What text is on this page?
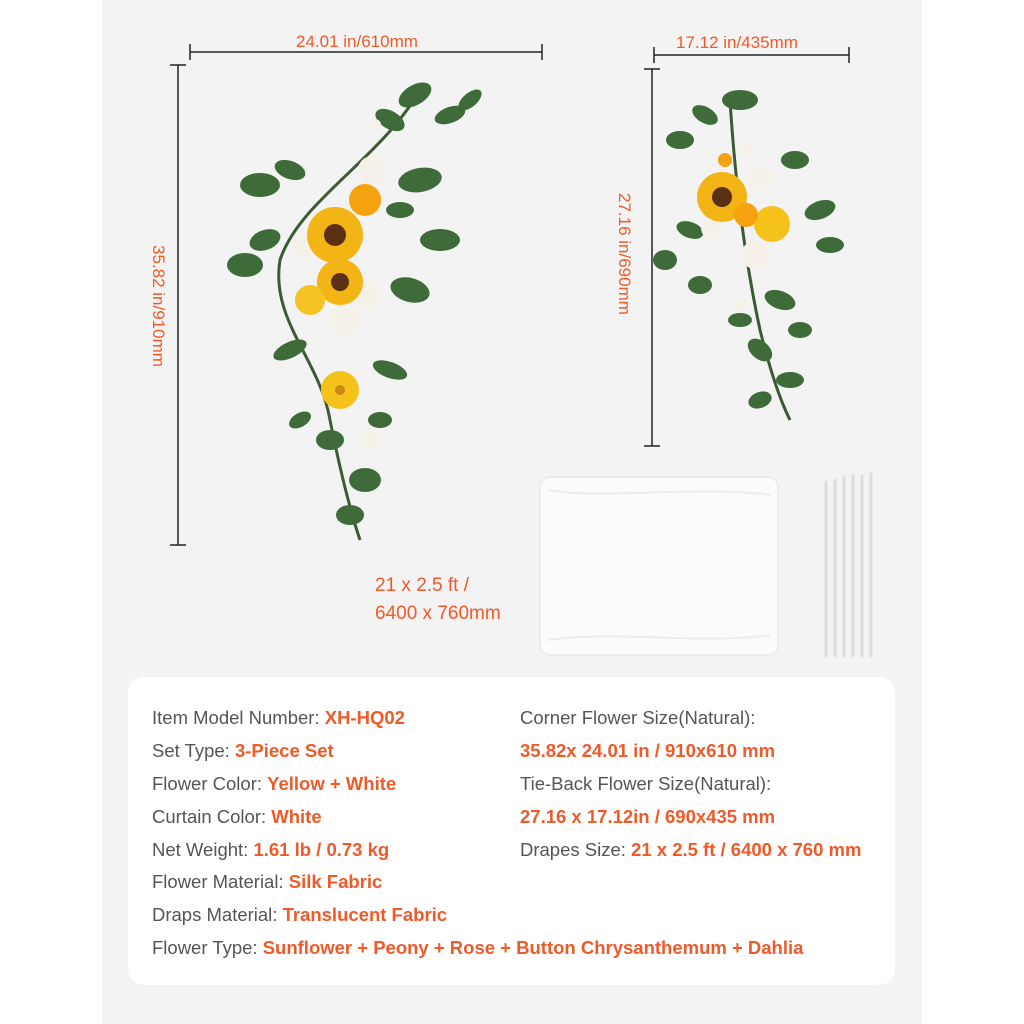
24.01 in/610mm
35.82 in/910mm
17.12 in/435mm
27.16 in/690mm
21 x 2.5 ft /
6400 x 760mm
Item Model Number: XH-HQ02
Set Type: 3-Piece Set
Flower Color: Yellow + White
Curtain Color: White
Net Weight: 1.61 lb / 0.73 kg
Flower Material: Silk Fabric
Draps Material: Translucent Fabric
Flower Type: Sunflower + Peony + Rose + Button Chrysanthemum + Dahlia
Corner Flower Size(Natural):
35.82x 24.01 in / 910x610 mm
Tie-Back Flower Size(Natural):
27.16 x 17.12in / 690x435 mm
Drapes Size: 21 x 2.5 ft / 6400 x 760 mm
